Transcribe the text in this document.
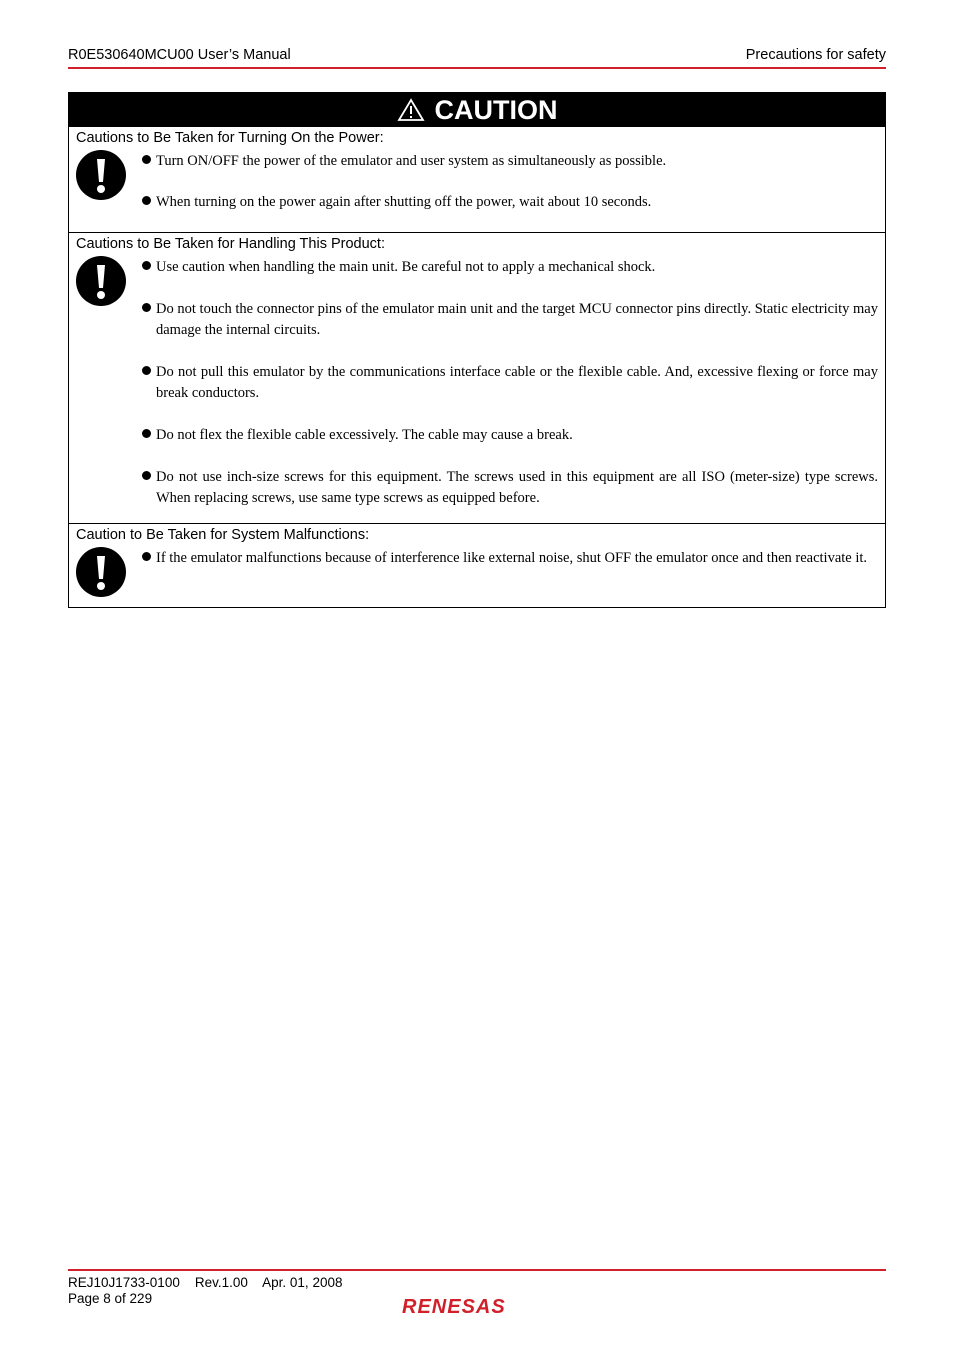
R0E530640MCU00 User’s Manual	Precautions for safety
CAUTION
Cautions to Be Taken for Turning On the Power:
Turn ON/OFF the power of the emulator and user system as simultaneously as possible.
When turning on the power again after shutting off the power, wait about 10 seconds.
Cautions to Be Taken for Handling This Product:
Use caution when handling the main unit. Be careful not to apply a mechanical shock.
Do not touch the connector pins of the emulator main unit and the target MCU connector pins directly. Static electricity may damage the internal circuits.
Do not pull this emulator by the communications interface cable or the flexible cable. And, excessive flexing or force may break conductors.
Do not flex the flexible cable excessively. The cable may cause a break.
Do not use inch-size screws for this equipment. The screws used in this equipment are all ISO (meter-size) type screws. When replacing screws, use same type screws as equipped before.
Caution to Be Taken for System Malfunctions:
If the emulator malfunctions because of interference like external noise, shut OFF the emulator once and then reactivate it.
REJ10J1733-0100 Rev.1.00 Apr. 01, 2008
Page 8 of 229	RENESAS
